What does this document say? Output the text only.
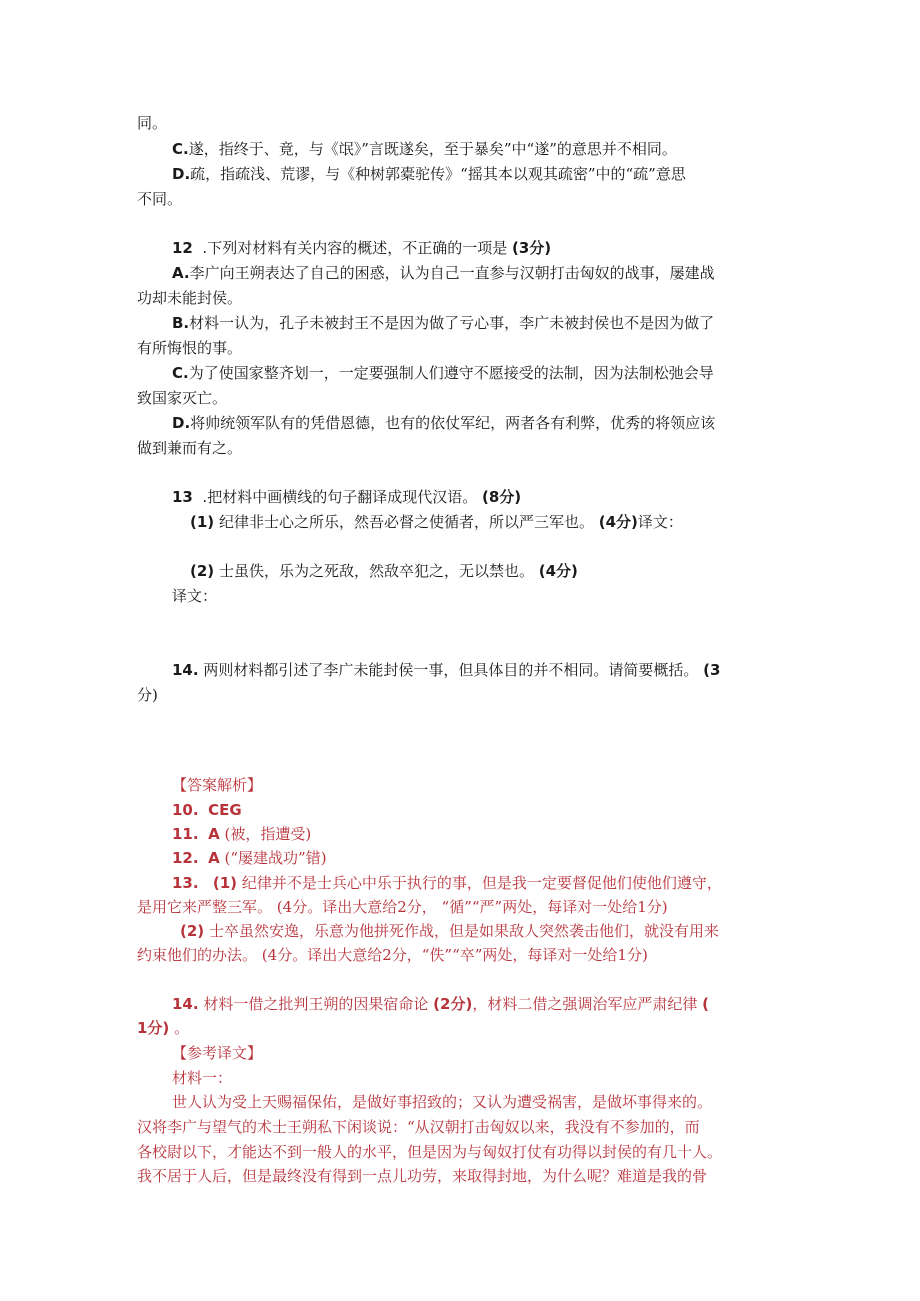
同。
C.遂，指终于、竟，与《氓》”言既遂矣，至于暴矣”中“遂”的意思并不相同。
D.疏，指疏浅、荒谬，与《种树郭橐驼传》“摇其本以观其疏密”中的“疏”意思
不同。
12 .下列对材料有关内容的概述，不正确的一项是 (3分)
A.李广向王朔表达了自己的困惑，认为自己一直参与汉朝打击匈奴的战事，屡建战
功却未能封侯。
B.材料一认为，孔子未被封王不是因为做了亏心事，李广未被封侯也不是因为做了
有所悔恨的事。
C.为了使国家整齐划一，一定要强制人们遵守不愿接受的法制，因为法制松弛会导
致国家灭亡。
D.将帅统领军队有的凭借恩德，也有的依仗军纪，两者各有利弊，优秀的将领应该
做到兼而有之。
13 .把材料中画横线的句子翻译成现代汉语。 (8分)
(1) 纪律非士心之所乐，然吾必督之使循者，所以严三军也。 (4分)译文：
(2) 士虽佚，乐为之死敌，然敌卒犯之，无以禁也。 (4分)
译文：
14. 两则材料都引述了李广未能封侯一事，但具体目的并不相同。请简要概括。 (3
分)
【答案解析】
10. CEG
11. A (被，指遭受)
12. A (“屡建战功”错)
13. (1) 纪律并不是士兵心中乐于执行的事，但是我一定要督促他们使他们遵守，
是用它来严整三军。 (4分。译出大意给2分， “循”“严”两处，每译对一处给1分)
(2) 士卒虽然安逸，乐意为他拼死作战，但是如果敌人突然袭击他们，就没有用来
约束他们的办法。 (4分。译出大意给2分，“佚”“卒”两处，每译对一处给1分)
14. 材料一借之批判王朔的因果宿命论 (2分)，材料二借之强调治军应严肃纪律 (
1分) 。
【参考译文】
材料一：
世人认为受上天赐福保佑，是做好事招致的；又认为遭受祸害，是做坏事得来的。
汉将李广与望气的术士王朔私下闲谈说：“从汉朝打击匈奴以来，我没有不参加的，而
各校尉以下，才能达不到一般人的水平，但是因为与匈奴打仗有功得以封侯的有几十人。
我不居于人后，但是最终没有得到一点儿功劳，来取得封地，为什么呢？难道是我的骨
